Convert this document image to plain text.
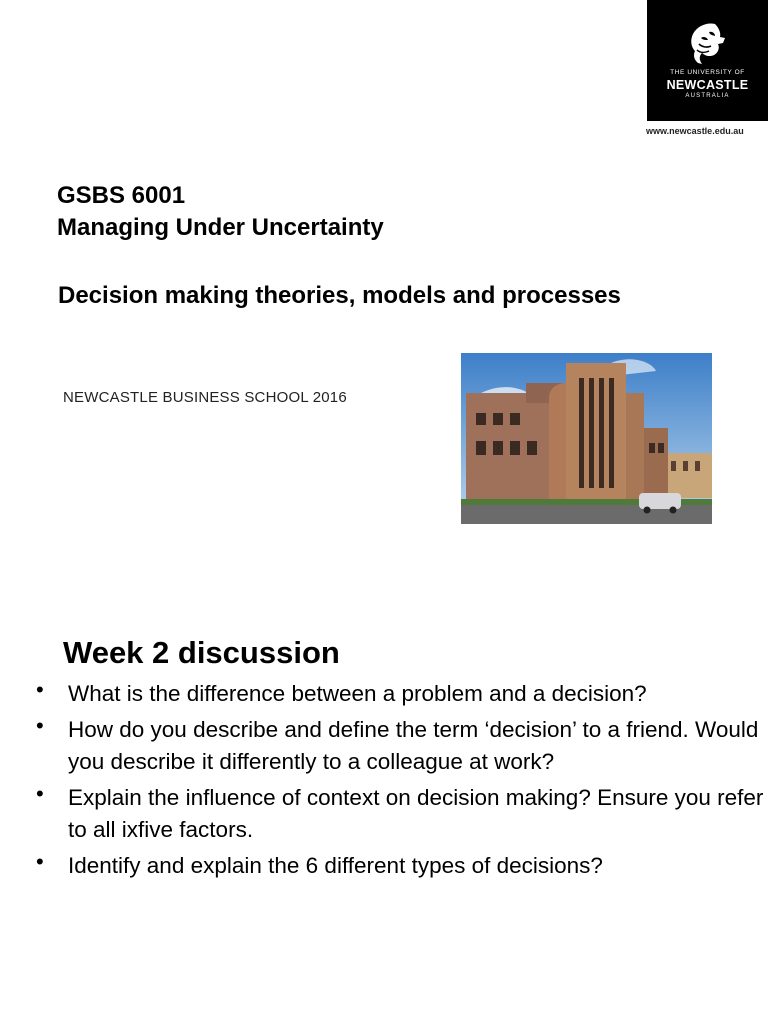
THE UNIVERSITY OF
NEWCASTLE
AUSTRALIA
www.newcastle.edu.au
GSBS 6001
Managing Under Uncertainty
Decision making theories, models and processes
NEWCASTLE BUSINESS SCHOOL 2016
Week 2 discussion
• What is the difference between a problem and a decision?
• How do you describe and define the term ‘decision’ to a friend. Would you describe it differently to a colleague at work?
• Explain the influence of context on decision making? Ensure you refer to all ixfive factors.
• Identify and explain the 6 different types of decisions?
